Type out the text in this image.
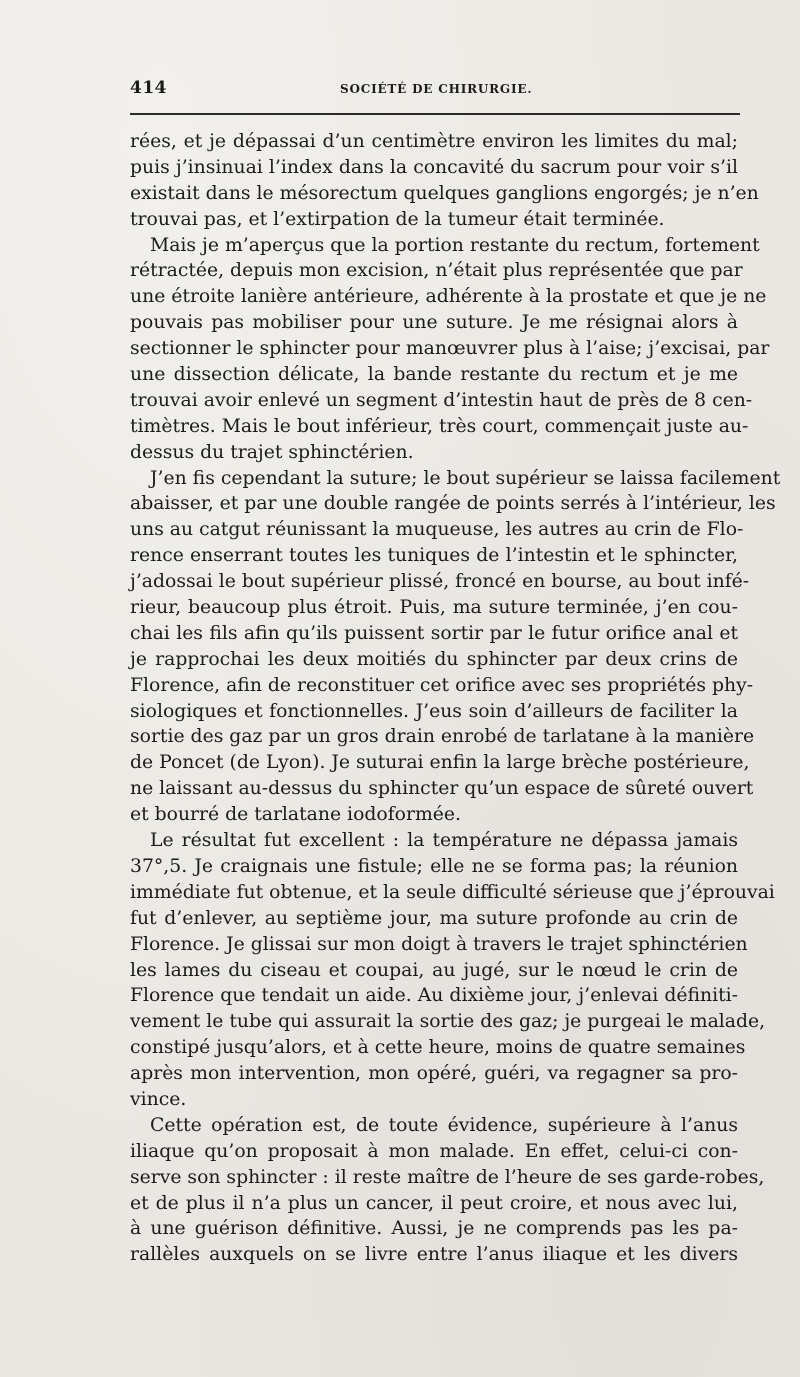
414	SOCIÉTÉ DE CHIRURGIE.
rées, et je dépassai d’un centimètre environ les limites du mal;
puis j’insinuai l’index dans la concavité du sacrum pour voir s’il
existait dans le mésorectum quelques ganglions engorgés; je n’en
trouvai pas, et l’extirpation de la tumeur était terminée.
Mais je m’aperçus que la portion restante du rectum, fortement
rétractée, depuis mon excision, n’était plus représentée que par
une étroite lanière antérieure, adhérente à la prostate et que je ne
pouvais pas mobiliser pour une suture. Je me résignai alors à
sectionner le sphincter pour manœuvrer plus à l’aise; j’excisai, par
une dissection délicate, la bande restante du rectum et je me
trouvai avoir enlevé un segment d’intestin haut de près de 8 cen-
timètres. Mais le bout inférieur, très court, commençait juste au-
dessus du trajet sphinctérien.
J’en fis cependant la suture; le bout supérieur se laissa facilement
abaisser, et par une double rangée de points serrés à l’intérieur, les
uns au catgut réunissant la muqueuse, les autres au crin de Flo-
rence enserrant toutes les tuniques de l’intestin et le sphincter,
j’adossai le bout supérieur plissé, froncé en bourse, au bout infé-
rieur, beaucoup plus étroit. Puis, ma suture terminée, j’en cou-
chai les fils afin qu’ils puissent sortir par le futur orifice anal et
je rapprochai les deux moitiés du sphincter par deux crins de
Florence, afin de reconstituer cet orifice avec ses propriétés phy-
siologiques et fonctionnelles. J’eus soin d’ailleurs de faciliter la
sortie des gaz par un gros drain enrobé de tarlatane à la manière
de Poncet (de Lyon). Je suturai enfin la large brèche postérieure,
ne laissant au-dessus du sphincter qu’un espace de sûreté ouvert
et bourré de tarlatane iodoformée.
Le résultat fut excellent : la température ne dépassa jamais
37°,5. Je craignais une fistule; elle ne se forma pas; la réunion
immédiate fut obtenue, et la seule difficulté sérieuse que j’éprouvai
fut d’enlever, au septième jour, ma suture profonde au crin de
Florence. Je glissai sur mon doigt à travers le trajet sphinctérien
les lames du ciseau et coupai, au jugé, sur le nœud le crin de
Florence que tendait un aide. Au dixième jour, j’enlevai définiti-
vement le tube qui assurait la sortie des gaz; je purgeai le malade,
constipé jusqu’alors, et à cette heure, moins de quatre semaines
après mon intervention, mon opéré, guéri, va regagner sa pro-
vince.
Cette opération est, de toute évidence, supérieure à l’anus
iliaque qu’on proposait à mon malade. En effet, celui-ci con-
serve son sphincter : il reste maître de l’heure de ses garde-robes,
et de plus il n’a plus un cancer, il peut croire, et nous avec lui,
à une guérison définitive. Aussi, je ne comprends pas les pa-
rallèles auxquels on se livre entre l’anus iliaque et les divers
